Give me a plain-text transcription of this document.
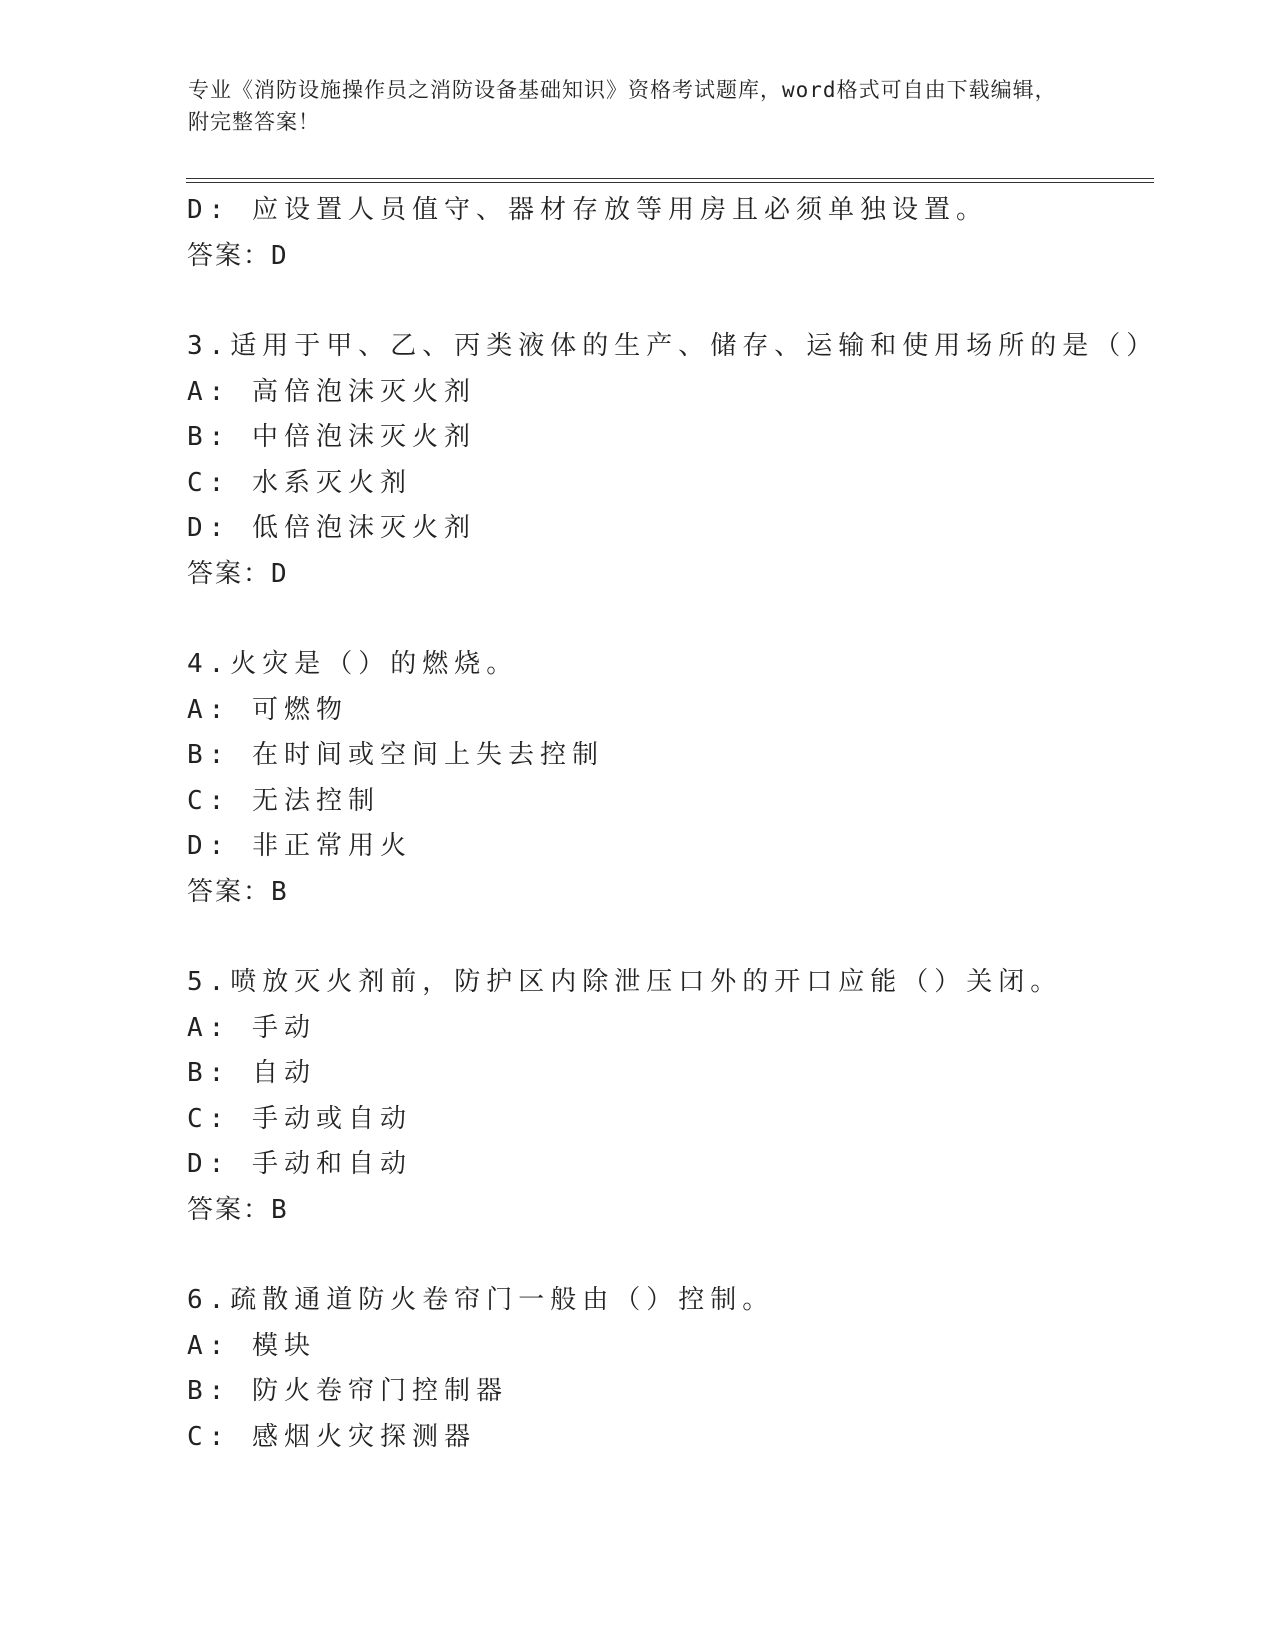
专业《消防设施操作员之消防设备基础知识》资格考试题库，word格式可自由下载编辑，附完整答案！
D: 应设置人员值守、器材存放等用房且必须单独设置。
答案：D
3.适用于甲、乙、丙类液体的生产、储存、运输和使用场所的是（）
A: 高倍泡沫灭火剂
B: 中倍泡沫灭火剂
C: 水系灭火剂
D: 低倍泡沫灭火剂
答案：D
4.火灾是（）的燃烧。
A: 可燃物
B: 在时间或空间上失去控制
C: 无法控制
D: 非正常用火
答案：B
5.喷放灭火剂前，防护区内除泄压口外的开口应能（）关闭。
A: 手动
B: 自动
C: 手动或自动
D: 手动和自动
答案：B
6.疏散通道防火卷帘门一般由（）控制。
A: 模块
B: 防火卷帘门控制器
C: 感烟火灾探测器
